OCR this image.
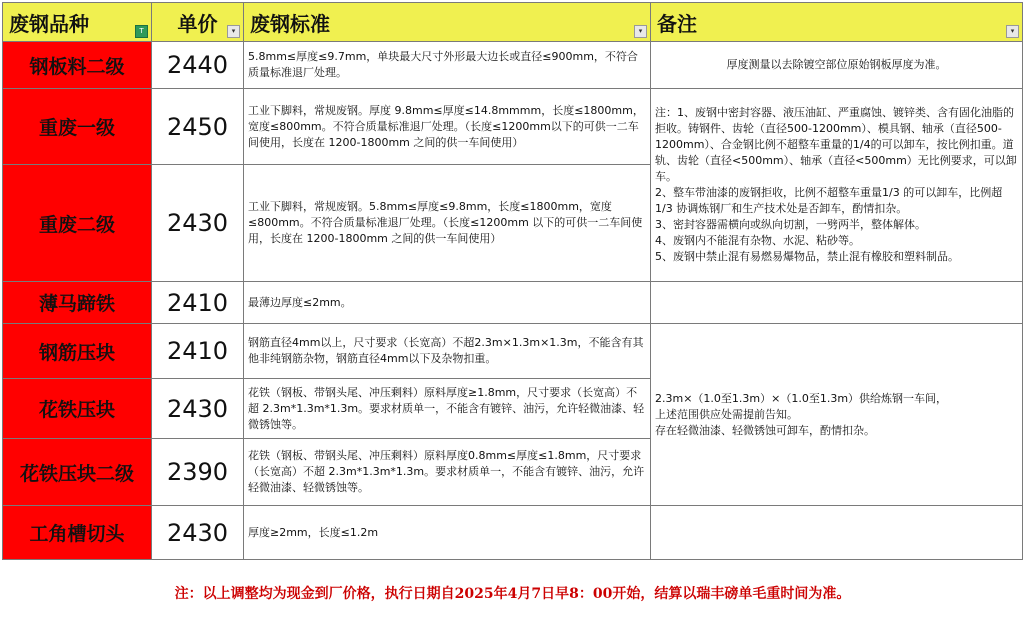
废钢品种 T	单价 ▾	废钢标准 ▾	备注 ▾

钢板料二级	2440	5.8mm≤厚度≤9.7mm，单块最大尺寸外形最大边长或直径≤900mm，不符合质量标准退厂处理。	厚度测量以去除镀空部位原始钢板厚度为准。
重废一级	2450	工业下脚料，常规废钢。厚度 9.8mm≤厚度≤14.8mmmm，长度≤1800mm，宽度≤800mm。不符合质量标准退厂处理。（长度≤1200mm以下的可供一二车间使用，长度在 1200-1800mm 之间的供一车间使用）	注：1、废钢中密封容器、液压油缸、严重腐蚀、镀锌类、含有固化油脂的拒收。铸钢件、齿轮（直径500-1200mm）、模具钢、轴承（直径500-1200mm）、合金钢比例不超整车重量的1/4的可以卸车，按比例扣重。道轨、齿轮（直径<500mm）、轴承（直径<500mm）无比例要求，可以卸车。
2、整车带油漆的废钢拒收，比例不超整车重量1/3 的可以卸车，比例超1/3 协调炼钢厂和生产技术处是否卸车，酌情扣杂。
3、密封容器需横向或纵向切割，一劈两半，整体解体。
4、废钢内不能混有杂物、水泥、粘砂等。
5、废钢中禁止混有易燃易爆物品，禁止混有橡胶和塑料制品。
重废二级	2430	工业下脚料，常规废钢。5.8mm≤厚度≤9.8mm，长度≤1800mm，宽度≤800mm。不符合质量标准退厂处理。（长度≤1200mm 以下的可供一二车间使用，长度在 1200-1800mm 之间的供一车间使用）	
薄马蹄铁	2410	最薄边厚度≤2mm。	
钢筋压块	2410	钢筋直径4mm以上，尺寸要求（长宽高）不超2.3m×1.3m×1.3m，不能含有其他非纯钢筋杂物，钢筋直径4mm以下及杂物扣重。	2.3m×（1.0至1.3m）×（1.0至1.3m）供给炼钢一车间，
上述范围供应处需提前告知。
存在轻微油漆、轻微锈蚀可卸车，酌情扣杂。
花铁压块	2430	花铁（钢板、带钢头尾、冲压剩料）原料厚度≥1.8mm，尺寸要求（长宽高）不超 2.3m*1.3m*1.3m。要求材质单一，不能含有镀锌、油污，允许轻微油漆、轻微锈蚀等。	
花铁压块二级	2390	花铁（钢板、带钢头尾、冲压剩料）原料厚度0.8mm≤厚度≤1.8mm，尺寸要求（长宽高）不超 2.3m*1.3m*1.3m。要求材质单一，不能含有镀锌、油污，允许轻微油漆、轻微锈蚀等。	
工角槽切头	2430	厚度≥2mm，长度≤1.2m	
注：以上调整均为现金到厂价格，执行日期自2025年4月7日早8：00开始，结算以瑞丰磅单毛重时间为准。			
